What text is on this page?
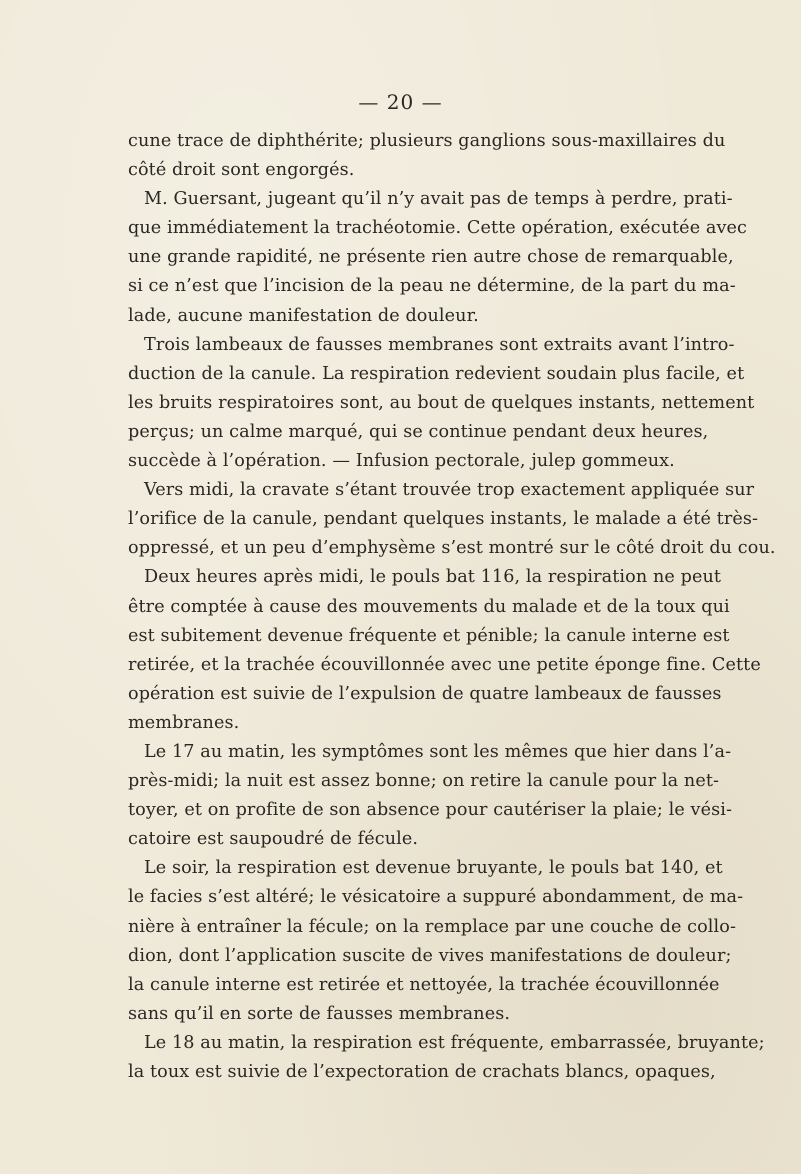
— 20 —
cune trace de diphthérite; plusieurs ganglions sous-maxillaires du
côté droit sont engorgés.
M. Guersant, jugeant qu’il n’y avait pas de temps à perdre, prati-
que immédiatement la trachéotomie. Cette opération, exécutée avec
une grande rapidité, ne présente rien autre chose de remarquable,
si ce n’est que l’incision de la peau ne détermine, de la part du ma-
lade, aucune manifestation de douleur.
Trois lambeaux de fausses membranes sont extraits avant l’intro-
duction de la canule. La respiration redevient soudain plus facile, et
les bruits respiratoires sont, au bout de quelques instants, nettement
perçus; un calme marqué, qui se continue pendant deux heures,
succède à l’opération. — Infusion pectorale, julep gommeux.
Vers midi, la cravate s’étant trouvée trop exactement appliquée sur
l’orifice de la canule, pendant quelques instants, le malade a été très-
oppressé, et un peu d’emphysème s’est montré sur le côté droit du cou.
Deux heures après midi, le pouls bat 116, la respiration ne peut
être comptée à cause des mouvements du malade et de la toux qui
est subitement devenue fréquente et pénible; la canule interne est
retirée, et la trachée écouvillonnée avec une petite éponge fine. Cette
opération est suivie de l’expulsion de quatre lambeaux de fausses
membranes.
Le 17 au matin, les symptômes sont les mêmes que hier dans l’a-
près-midi; la nuit est assez bonne; on retire la canule pour la net-
toyer, et on profite de son absence pour cautériser la plaie; le vési-
catoire est saupoudré de fécule.
Le soir, la respiration est devenue bruyante, le pouls bat 140, et
le facies s’est altéré; le vésicatoire a suppuré abondamment, de ma-
nière à entraîner la fécule; on la remplace par une couche de collo-
dion, dont l’application suscite de vives manifestations de douleur;
la canule interne est retirée et nettoyée, la trachée écouvillonnée
sans qu’il en sorte de fausses membranes.
Le 18 au matin, la respiration est fréquente, embarrassée, bruyante;
la toux est suivie de l’expectoration de crachats blancs, opaques,
